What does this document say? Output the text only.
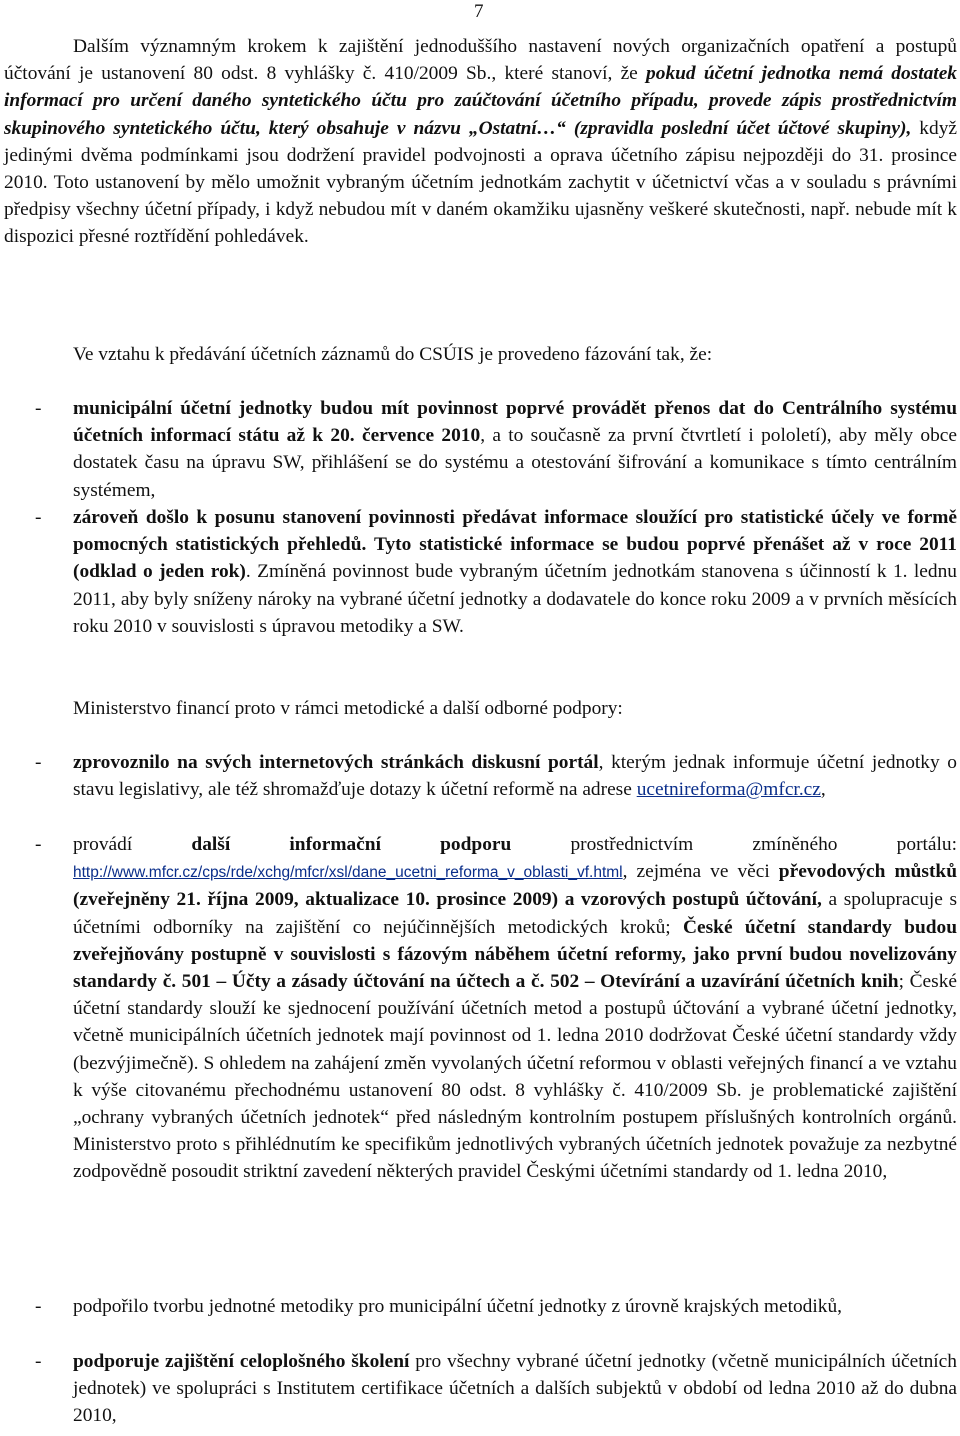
7

Dalším významným krokem k zajištění jednoduššího nastavení nových organizačních opatření a postupů účtování je ustanovení 80 odst. 8 vyhlášky č. 410/2009 Sb., které stanoví, že pokud účetní jednotka nemá dostatek informací pro určení daného syntetického účtu pro zaúčtování účetního případu, provede zápis prostřednictvím skupinového syntetického účtu, který obsahuje v názvu „Ostatní…“ (zpravidla poslední účet účtové skupiny), když jedinými dvěma podmínkami jsou dodržení pravidel podvojnosti a oprava účetního zápisu nejpozději do 31. prosince 2010. Toto ustanovení by mělo umožnit vybraným účetním jednotkám zachytit v účetnictví včas a v souladu s právními předpisy všechny účetní případy, i když nebudou mít v daném okamžiku ujasněny veškeré skutečnosti, např. nebude mít k dispozici přesné roztřídění pohledávek.

Ve vztahu k předávání účetních záznamů do CSÚIS je provedeno fázování tak, že:

- municipální účetní jednotky budou mít povinnost poprvé provádět přenos dat do Centrálního systému účetních informací státu až k 20. července 2010, a to současně za první čtvrtletí i pololetí), aby měly obce dostatek času na úpravu SW, přihlášení se do systému a otestování šifrování a komunikace s tímto centrálním systémem,
- zároveň došlo k posunu stanovení povinnosti předávat informace sloužící pro statistické účely ve formě pomocných statistických přehledů. Tyto statistické informace se budou poprvé přenášet až v roce 2011 (odklad o jeden rok). Zmíněná povinnost bude vybraným účetním jednotkám stanovena s účinností k 1. lednu 2011, aby byly sníženy nároky na vybrané účetní jednotky a dodavatele do konce roku 2009 a v prvních měsících roku 2010 v souvislosti s úpravou metodiky a SW.

Ministerstvo financí proto v rámci metodické a další odborné podpory:

- zprovoznilo na svých internetových stránkách diskusní portál, kterým jednak informuje účetní jednotky o stavu legislativy, ale též shromažďuje dotazy k účetní reformě na adrese ucetnireforma@mfcr.cz,
- provádí další informační podporu prostřednictvím zmíněného portálu: http://www.mfcr.cz/cps/rde/xchg/mfcr/xsl/dane_ucetni_reforma_v_oblasti_vf.html, zejména ve věci převodových můstků (zveřejněny 21. října 2009, aktualizace 10. prosince 2009) a vzorových postupů účtování, a spolupracuje s účetními odborníky na zajištění co nejúčinnějších metodických kroků; České účetní standardy budou zveřejňovány postupně v souvislosti s fázovým náběhem účetní reformy, jako první budou novelizovány standardy č. 501 – Účty a zásady účtování na účtech a č. 502 – Otevírání a uzavírání účetních knih; České účetní standardy slouží ke sjednocení používání účetních metod a postupů účtování a vybrané účetní jednotky, včetně municipálních účetních jednotek mají povinnost od 1. ledna 2010 dodržovat České účetní standardy vždy (bezvýjimečně). S ohledem na zahájení změn vyvolaných účetní reformou v oblasti veřejných financí a ve vztahu k výše citovanému přechodnému ustanovení 80 odst. 8 vyhlášky č. 410/2009 Sb. je problematické zajištění „ochrany vybraných účetních jednotek“ před následným kontrolním postupem příslušných kontrolních orgánů. Ministerstvo proto s přihlédnutím ke specifikům jednotlivých vybraných účetních jednotek považuje za nezbytné zodpovědně posoudit striktní zavedení některých pravidel Českými účetními standardy od 1. ledna 2010,
- podpořilo tvorbu jednotné metodiky pro municipální účetní jednotky z úrovně krajských metodiků,
- podporuje zajištění celoplošného školení pro všechny vybrané účetní jednotky (včetně municipálních účetních jednotek) ve spolupráci s Institutem certifikace účetních a dalších subjektů v období od ledna 2010 až do dubna 2010,
